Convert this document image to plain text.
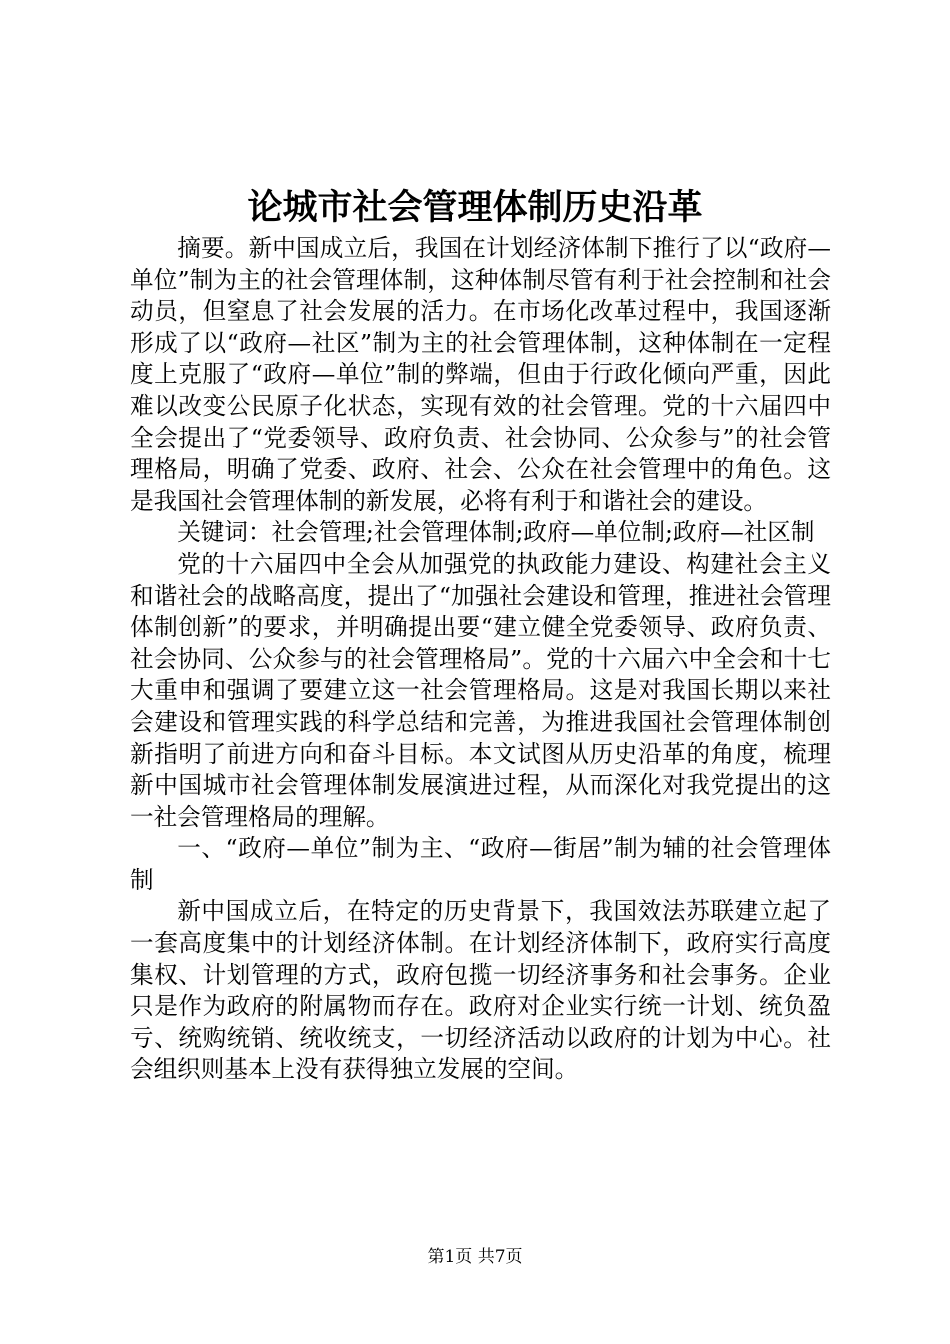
论城市社会管理体制历史沿革

摘要。新中国成立后，我国在计划经济体制下推行了以“政府—单位”制为主的社会管理体制，这种体制尽管有利于社会控制和社会动员，但窒息了社会发展的活力。在市场化改革过程中，我国逐渐形成了以“政府—社区”制为主的社会管理体制，这种体制在一定程度上克服了“政府—单位”制的弊端，但由于行政化倾向严重，因此难以改变公民原子化状态，实现有效的社会管理。党的十六届四中全会提出了“党委领导、政府负责、社会协同、公众参与”的社会管理格局，明确了党委、政府、社会、公众在社会管理中的角色。这是我国社会管理体制的新发展，必将有利于和谐社会的建设。

关键词：社会管理;社会管理体制;政府—单位制;政府—社区制

党的十六届四中全会从加强党的执政能力建设、构建社会主义和谐社会的战略高度，提出了“加强社会建设和管理，推进社会管理体制创新”的要求，并明确提出要“建立健全党委领导、政府负责、社会协同、公众参与的社会管理格局”。党的十六届六中全会和十七大重申和强调了要建立这一社会管理格局。这是对我国长期以来社会建设和管理实践的科学总结和完善，为推进我国社会管理体制创新指明了前进方向和奋斗目标。本文试图从历史沿革的角度，梳理新中国城市社会管理体制发展演进过程，从而深化对我党提出的这一社会管理格局的理解。

一、“政府—单位”制为主、“政府—街居”制为辅的社会管理体制

新中国成立后，在特定的历史背景下，我国效法苏联建立起了一套高度集中的计划经济体制。在计划经济体制下，政府实行高度集权、计划管理的方式，政府包揽一切经济事务和社会事务。企业只是作为政府的附属物而存在。政府对企业实行统一计划、统负盈亏、统购统销、统收统支，一切经济活动以政府的计划为中心。社会组织则基本上没有获得独立发展的空间。

第1页 共7页
